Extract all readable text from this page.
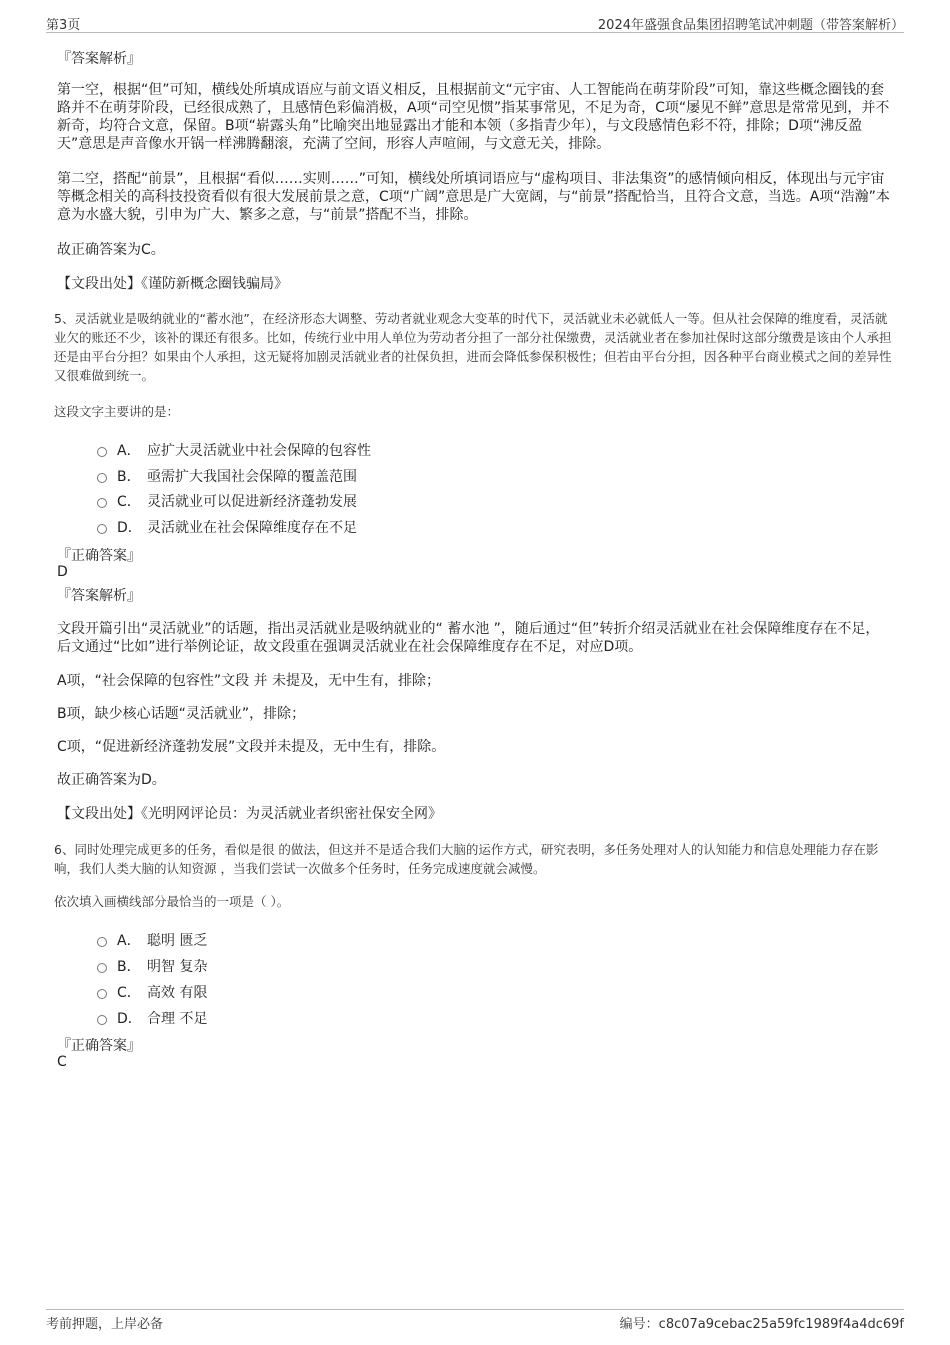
第3页	2024年盛强食品集团招聘笔试冲刺题（带答案解析）
『答案解析』
第一空，根据“但”可知，横线处所填成语应与前文语义相反，且根据前文“元宇宙、人工智能尚在萌芽阶段”可知，靠这些概念圈钱的套路并不在萌芽阶段，已经很成熟了，且感情色彩偏消极，A项“司空见惯”指某事常见，不足为奇，C项“屡见不鲜”意思是常常见到，并不新奇，均符合文意，保留。B项“崭露头角”比喻突出地显露出才能和本领（多指青少年），与文段感情色彩不符，排除；D项“沸反盈天”意思是声音像水开锅一样沸腾翻滚，充满了空间，形容人声喧闹，与文意无关，排除。
第二空，搭配“前景”，且根据“看似……实则……”可知，横线处所填词语应与“虚构项目、非法集资”的感情倾向相反，体现出与元宇宙等概念相关的高科技投资看似有很大发展前景之意，C项“广阔”意思是广大宽阔，与“前景”搭配恰当，且符合文意，当选。A项“浩瀚”本意为水盛大貌，引申为广大、繁多之意，与“前景”搭配不当，排除。
故正确答案为C。
【文段出处】《谨防新概念圈钱骗局》
5、灵活就业是吸纳就业的“蓄水池”，在经济形态大调整、劳动者就业观念大变革的时代下，灵活就业未必就低人一等。但从社会保障的维度看，灵活就业欠的账还不少，该补的课还有很多。比如，传统行业中用人单位为劳动者分担了一部分社保缴费，灵活就业者在参加社保时这部分缴费是该由个人承担还是由平台分担？如果由个人承担，这无疑将加剧灵活就业者的社保负担，进而会降低参保积极性；但若由平台分担，因各种平台商业模式之间的差异性又很难做到统一。
这段文字主要讲的是：
A． 应扩大灵活就业中社会保障的包容性
B． 亟需扩大我国社会保障的覆盖范围
C． 灵活就业可以促进新经济蓬勃发展
D． 灵活就业在社会保障维度存在不足
『正确答案』
D
『答案解析』
文段开篇引出“灵活就业”的话题，指出灵活就业是吸纳就业的“ 蓄水池 ”，随后通过“但”转折介绍灵活就业在社会保障维度存在不足，后文通过“比如”进行举例论证，故文段重在强调灵活就业在社会保障维度存在不足，对应D项。
A项，“社会保障的包容性”文段 并 未提及，无中生有，排除；
B项，缺少核心话题“灵活就业”，排除；
C项，“促进新经济蓬勃发展”文段并未提及，无中生有，排除。
故正确答案为D。
【文段出处】《光明网评论员：为灵活就业者织密社保安全网》
6、同时处理完成更多的任务，看似是很 的做法，但这并不是适合我们大脑的运作方式，研究表明，多任务处理对人的认知能力和信息处理能力存在影响，我们人类大脑的认知资源 ，当我们尝试一次做多个任务时，任务完成速度就会减慢。
依次填入画横线部分最恰当的一项是（ ）。
A． 聪明 匮乏
B． 明智 复杂
C． 高效 有限
D． 合理 不足
『正确答案』
C
考前押题，上岸必备	编号：c8c07a9cebac25a59fc1989f4a4dc69f
